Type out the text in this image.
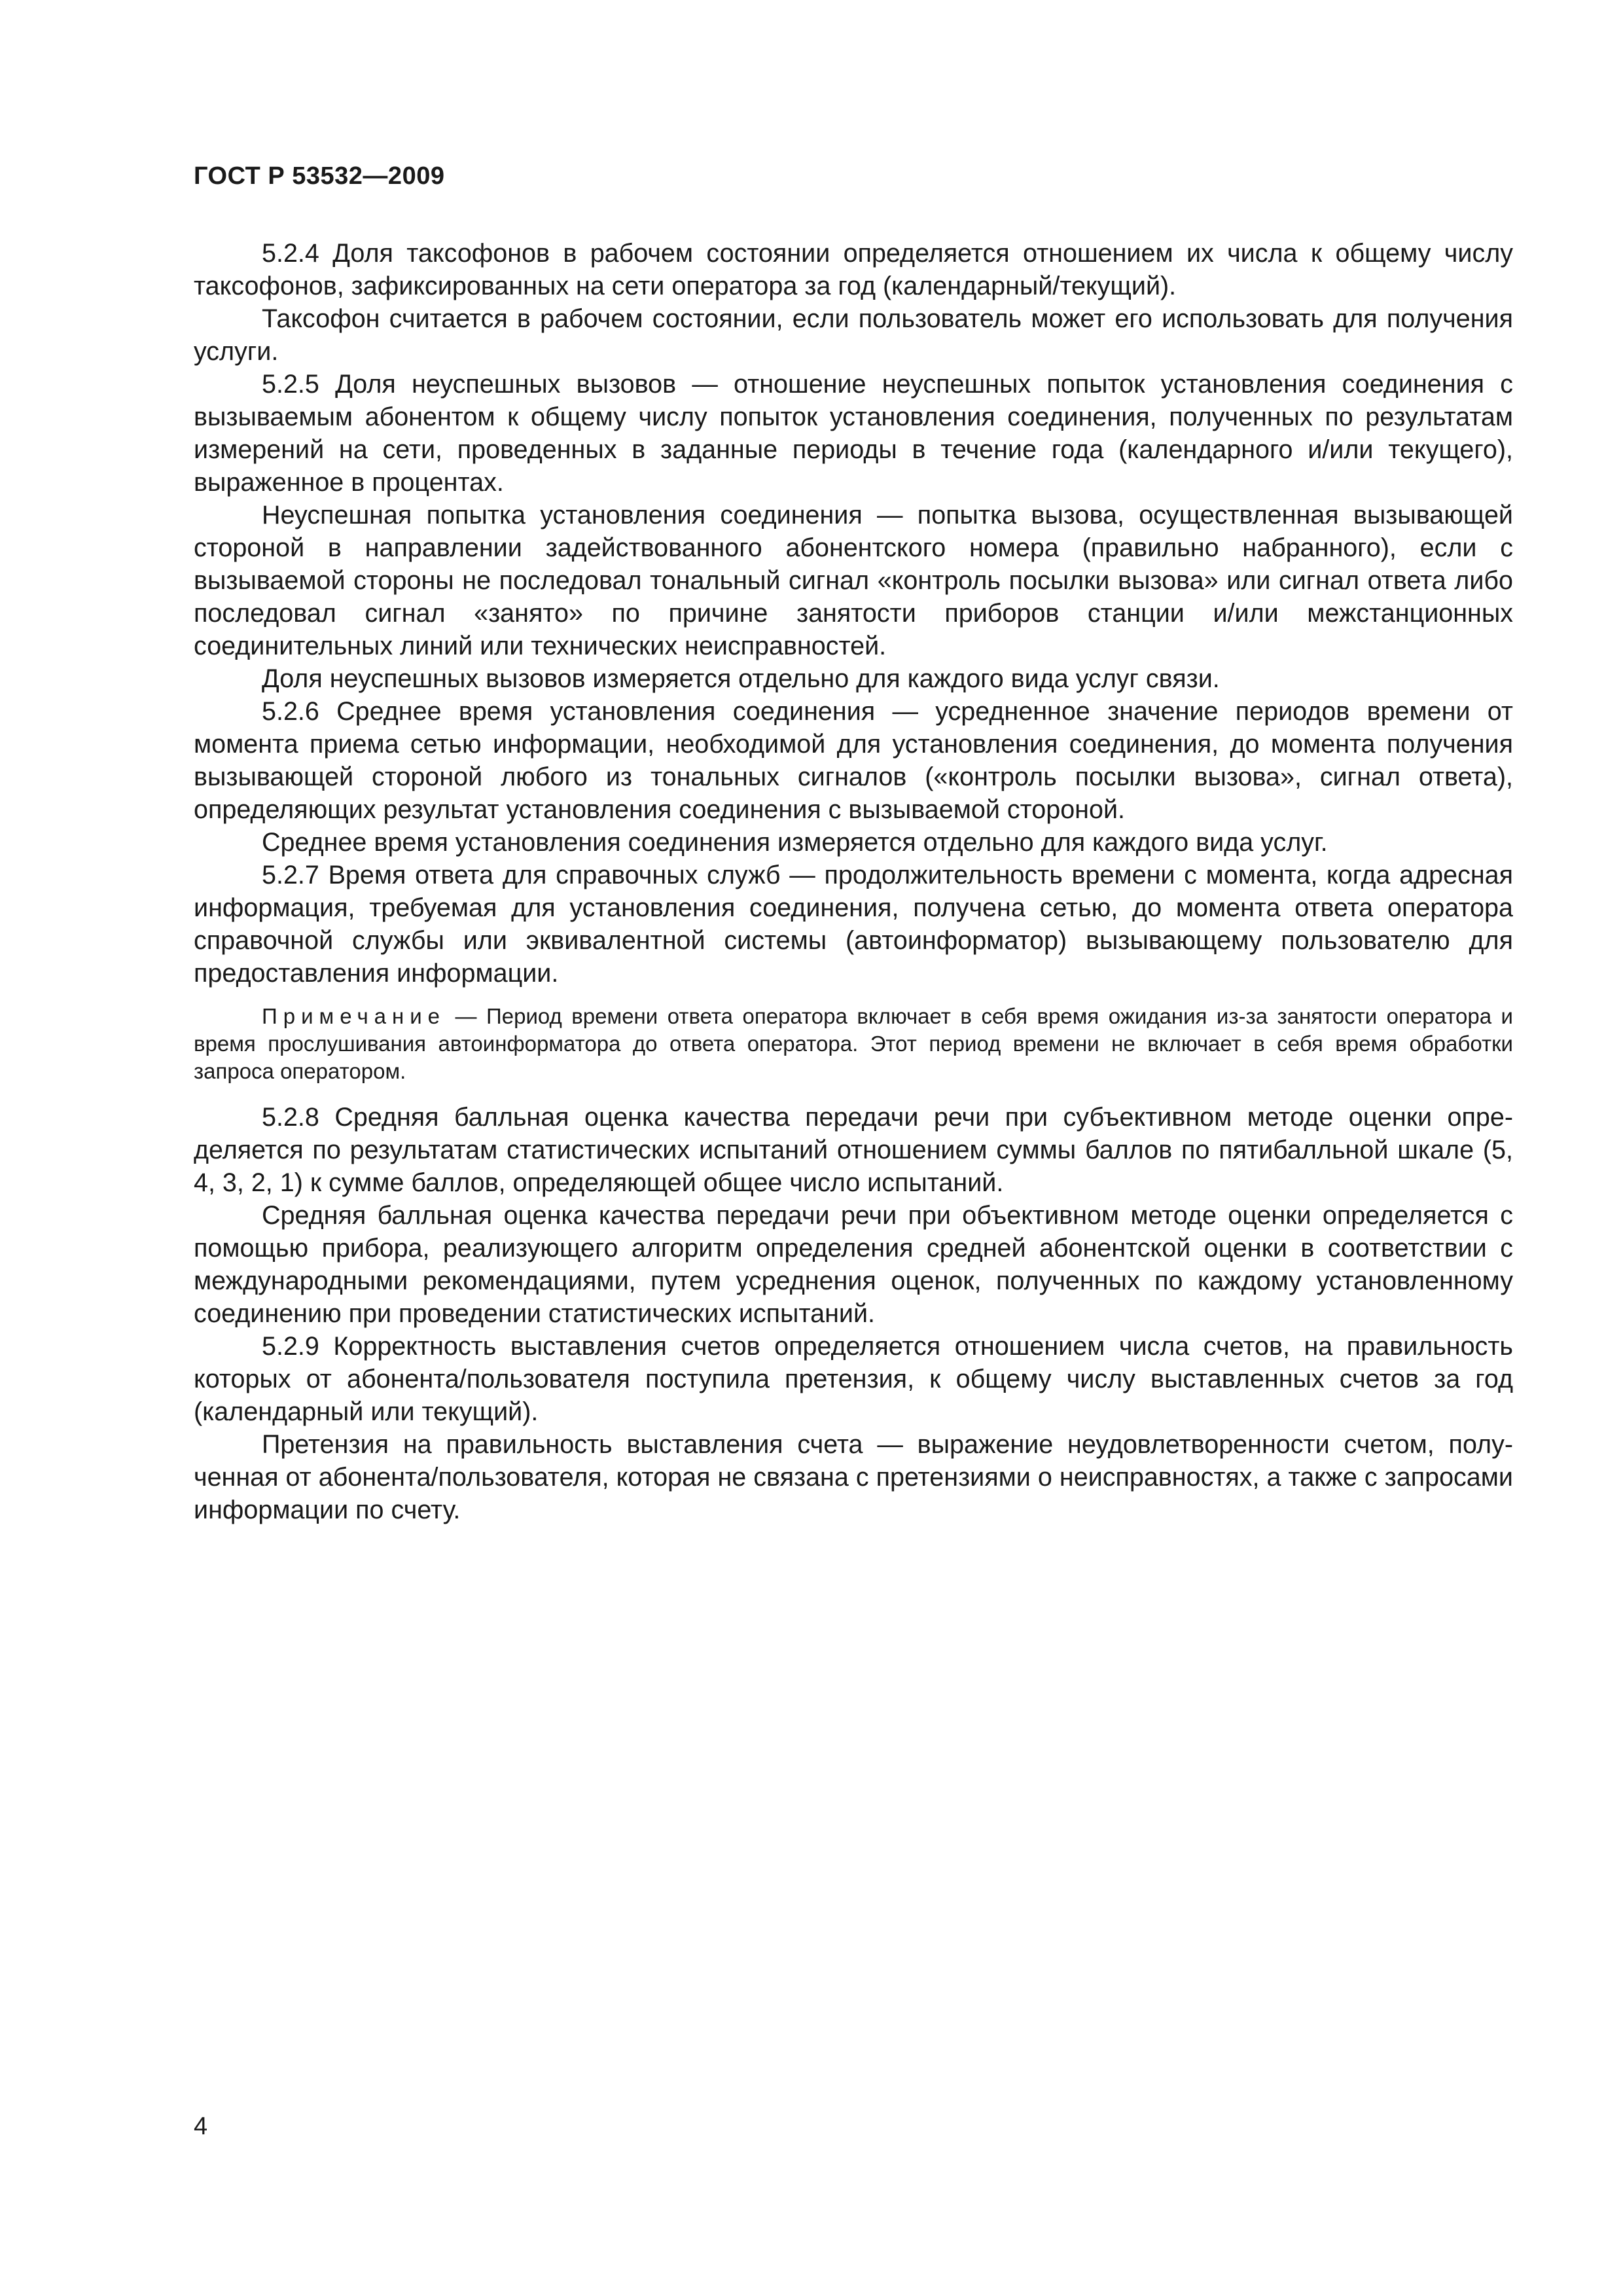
ГОСТ Р 53532—2009

5.2.4 Доля таксофонов в рабочем состоянии определяется отношением их числа к общему числу таксофонов, зафиксированных на сети оператора за год (календарный/текущий).

Таксофон считается в рабочем состоянии, если пользователь может его использовать для получения услуги.

5.2.5 Доля неуспешных вызовов — отношение неуспешных попыток установления соединения с вызываемым абонентом к общему числу попыток установления соединения, полученных по результатам измерений на сети, проведенных в заданные периоды в течение года (календарного и/или текущего), выраженное в процентах.

Неуспешная попытка установления соединения — попытка вызова, осуществленная вызывающей стороной в направлении задействованного абонентского номера (правильно набранного), если с вызываемой стороны не последовал тональный сигнал «контроль посылки вызова» или сигнал ответа либо последовал сигнал «занято» по причине занятости приборов станции и/или межстанционных соединительных линий или технических неисправностей.

Доля неуспешных вызовов измеряется отдельно для каждого вида услуг связи.

5.2.6 Среднее время установления соединения — усредненное значение периодов времени от момента приема сетью информации, необходимой для установления соединения, до момента получения вызывающей стороной любого из тональных сигналов («контроль посылки вызова», сигнал ответа), определяющих результат установления соединения с вызываемой стороной.

Среднее время установления соединения измеряется отдельно для каждого вида услуг.

5.2.7 Время ответа для справочных служб — продолжительность времени с момента, когда адресная информация, требуемая для установления соединения, получена сетью, до момента ответа оператора справочной службы или эквивалентной системы (автоинформатор) вызывающему пользователю для предоставления информации.

Примечание — Период времени ответа оператора включает в себя время ожидания из-за занятости оператора и время прослушивания автоинформатора до ответа оператора. Этот период времени не включает в себя время обработки запроса оператором.

5.2.8 Средняя балльная оценка качества передачи речи при субъективном методе оценки определяется по результатам статистических испытаний отношением суммы баллов по пятибалльной шкале (5, 4, 3, 2, 1) к сумме баллов, определяющей общее число испытаний.

Средняя балльная оценка качества передачи речи при объективном методе оценки определяется с помощью прибора, реализующего алгоритм определения средней абонентской оценки в соответствии с международными рекомендациями, путем усреднения оценок, полученных по каждому установленному соединению при проведении статистических испытаний.

5.2.9 Корректность выставления счетов определяется отношением числа счетов, на правильность которых от абонента/пользователя поступила претензия, к общему числу выставленных счетов за год (календарный или текущий).

Претензия на правильность выставления счета — выражение неудовлетворенности счетом, полученная от абонента/пользователя, которая не связана с претензиями о неисправностях, а также с запросами информации по счету.

4
